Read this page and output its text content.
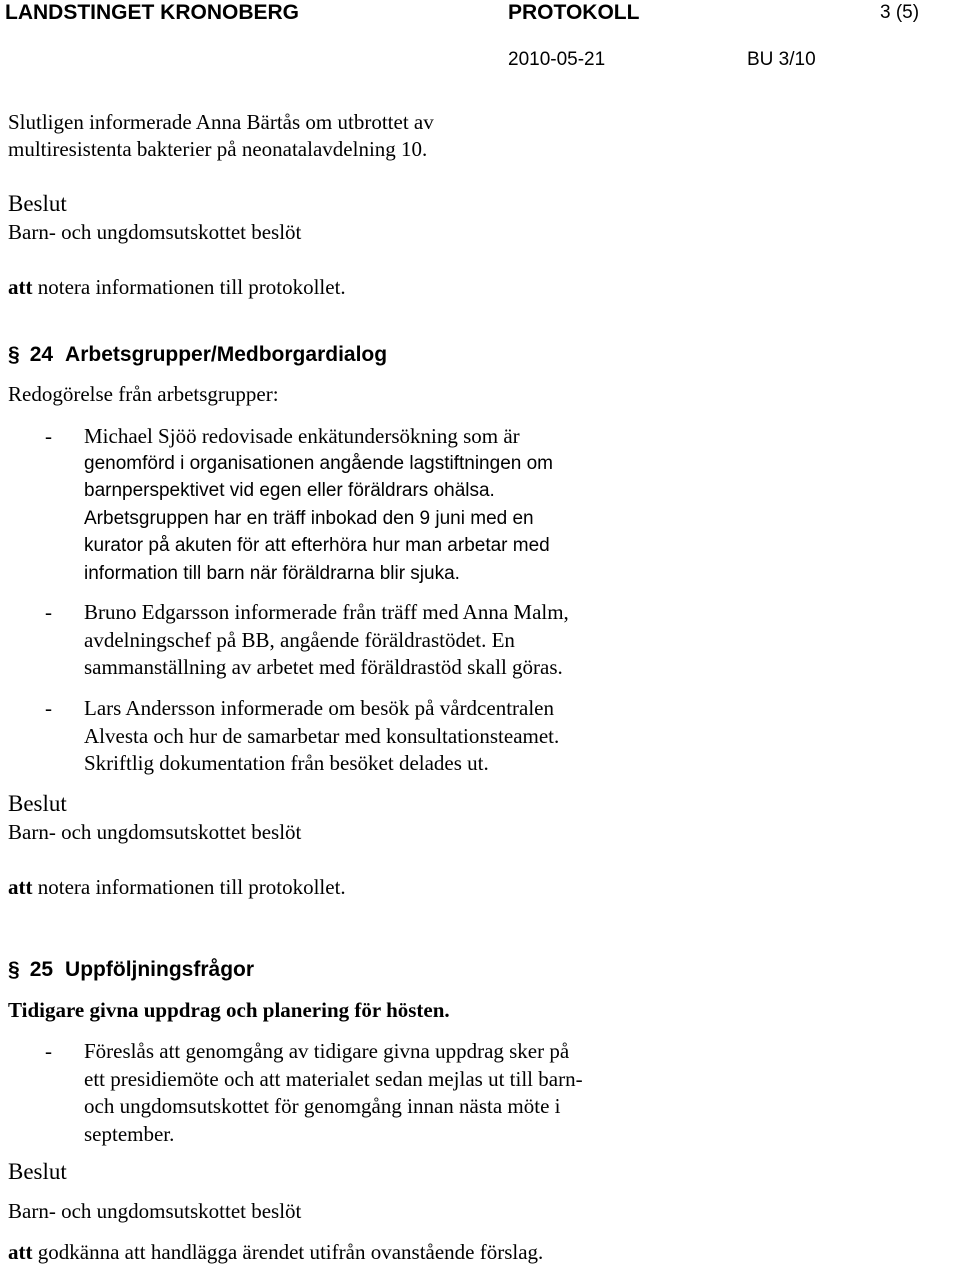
LANDSTINGET KRONOBERG	PROTOKOLL	3 (5)
2010-05-21	BU 3/10
Slutligen informerade Anna Bärtås om utbrottet av
multiresistenta bakterier på neonatalavdelning 10.
Beslut
Barn- och ungdomsutskottet beslöt
att notera informationen till protokollet.
§ 24 Arbetsgrupper/Medborgardialog
Redogörelse från arbetsgrupper:
- Michael Sjöö redovisade enkätundersökning som är
genomförd i organisationen angående lagstiftningen om
barnperspektivet vid egen eller föräldrars ohälsa.
Arbetsgruppen har en träff inbokad den 9 juni med en
kurator på akuten för att efterhöra hur man arbetar med
information till barn när föräldrarna blir sjuka.
- Bruno Edgarsson informerade från träff med Anna Malm,
avdelningschef på BB, angående föräldrastödet. En
sammanställning av arbetet med föräldrastöd skall göras.
- Lars Andersson informerade om besök på vårdcentralen
Alvesta och hur de samarbetar med konsultationsteamet.
Skriftlig dokumentation från besöket delades ut.
Beslut
Barn- och ungdomsutskottet beslöt
att notera informationen till protokollet.
§ 25 Uppföljningsfrågor
Tidigare givna uppdrag och planering för hösten.
- Föreslås att genomgång av tidigare givna uppdrag sker på
ett presidiemöte och att materialet sedan mejlas ut till barn-
och ungdomsutskottet för genomgång innan nästa möte i
september.
Beslut
Barn- och ungdomsutskottet beslöt
att godkänna att handlägga ärendet utifrån ovanstående förslag.
